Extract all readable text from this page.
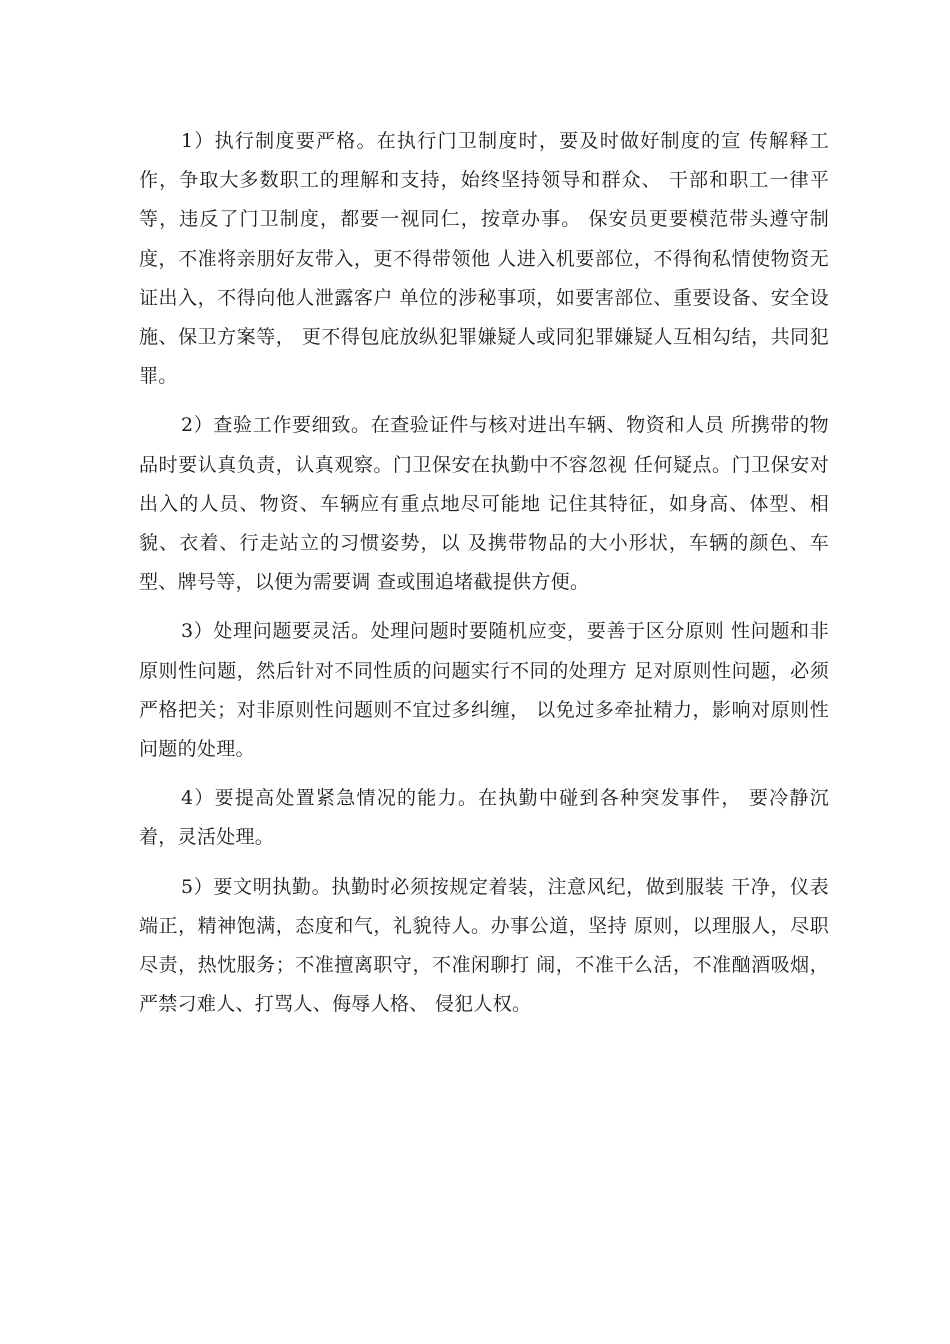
1）执行制度要严格。在执行门卫制度时，要及时做好制度的宣 传解释工作，争取大多数职工的理解和支持，始终坚持领导和群众、 干部和职工一律平等，违反了门卫制度，都要一视同仁，按章办事。 保安员更要模范带头遵守制度，不准将亲朋好友带入，更不得带领他 人进入机要部位，不得徇私情使物资无证出入，不得向他人泄露客户 单位的涉秘事项，如要害部位、重要设备、安全设施、保卫方案等， 更不得包庇放纵犯罪嫌疑人或同犯罪嫌疑人互相勾结，共同犯罪。

2）查验工作要细致。在查验证件与核对进出车辆、物资和人员 所携带的物品时要认真负责，认真观察。门卫保安在执勤中不容忽视 任何疑点。门卫保安对出入的人员、物资、车辆应有重点地尽可能地 记住其特征，如身高、体型、相貌、衣着、行走站立的习惯姿势，以 及携带物品的大小形状，车辆的颜色、车型、牌号等，以便为需要调 查或围追堵截提供方便。

3）处理问题要灵活。处理问题时要随机应变，要善于区分原则 性问题和非原则性问题，然后针对不同性质的问题实行不同的处理方 足对原则性问题，必须严格把关；对非原则性问题则不宜过多纠缠， 以免过多牵扯精力，影响对原则性问题的处理。

4）要提高处置紧急情况的能力。在执勤中碰到各种突发事件， 要冷静沉着，灵活处理。

5）要文明执勤。执勤时必须按规定着装，注意风纪，做到服装 干净，仪表端正，精神饱满，态度和气，礼貌待人。办事公道，坚持 原则，以理服人，尽职尽责，热忱服务；不准擅离职守，不准闲聊打 闹，不准干么活，不准酗酒吸烟，严禁刁难人、打骂人、侮辱人格、 侵犯人权。
